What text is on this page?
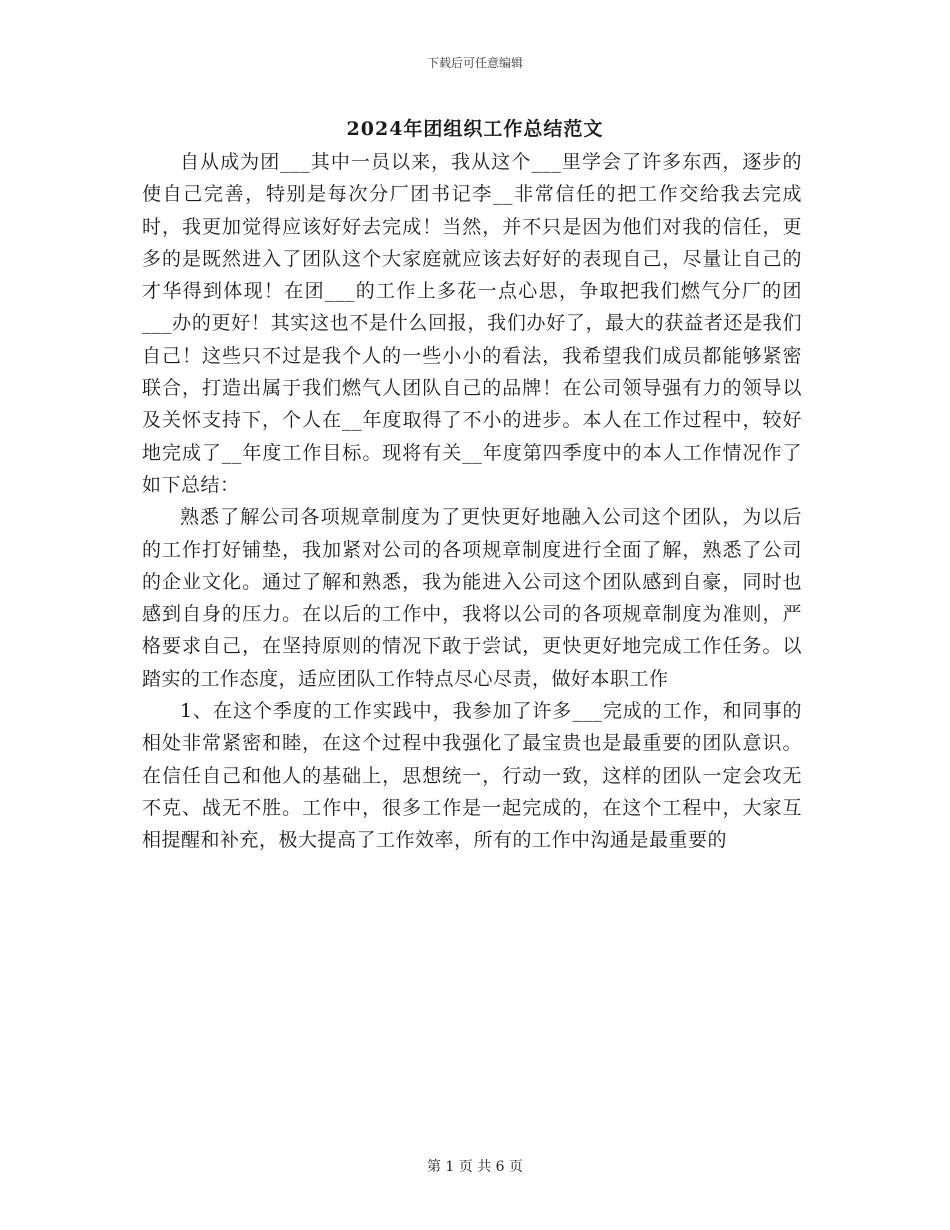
下载后可任意编辑
2024年团组织工作总结范文

自从成为团___其中一员以来，我从这个___里学会了许多东西，逐步的使自己完善，特别是每次分厂团书记李__非常信任的把工作交给我去完成时，我更加觉得应该好好去完成！当然，并不只是因为他们对我的信任，更多的是既然进入了团队这个大家庭就应该去好好的表现自己，尽量让自己的才华得到体现！在团___的工作上多花一点心思，争取把我们燃气分厂的团___办的更好！其实这也不是什么回报，我们办好了，最大的获益者还是我们自己！这些只不过是我个人的一些小小的看法，我希望我们成员都能够紧密联合，打造出属于我们燃气人团队自己的品牌！在公司领导强有力的领导以及关怀支持下，个人在__年度取得了不小的进步。本人在工作过程中，较好地完成了__年度工作目标。现将有关__年度第四季度中的本人工作情况作了如下总结：

熟悉了解公司各项规章制度为了更快更好地融入公司这个团队，为以后的工作打好铺垫，我加紧对公司的各项规章制度进行全面了解，熟悉了公司的企业文化。通过了解和熟悉，我为能进入公司这个团队感到自豪，同时也感到自身的压力。在以后的工作中，我将以公司的各项规章制度为准则，严格要求自己，在坚持原则的情况下敢于尝试，更快更好地完成工作任务。以踏实的工作态度，适应团队工作特点尽心尽责，做好本职工作

1、在这个季度的工作实践中，我参加了许多___完成的工作，和同事的相处非常紧密和睦，在这个过程中我强化了最宝贵也是最重要的团队意识。在信任自己和他人的基础上，思想统一，行动一致，这样的团队一定会攻无不克、战无不胜。工作中，很多工作是一起完成的，在这个工程中，大家互相提醒和补充，极大提高了工作效率，所有的工作中沟通是最重要的

第 1 页 共 6 页
